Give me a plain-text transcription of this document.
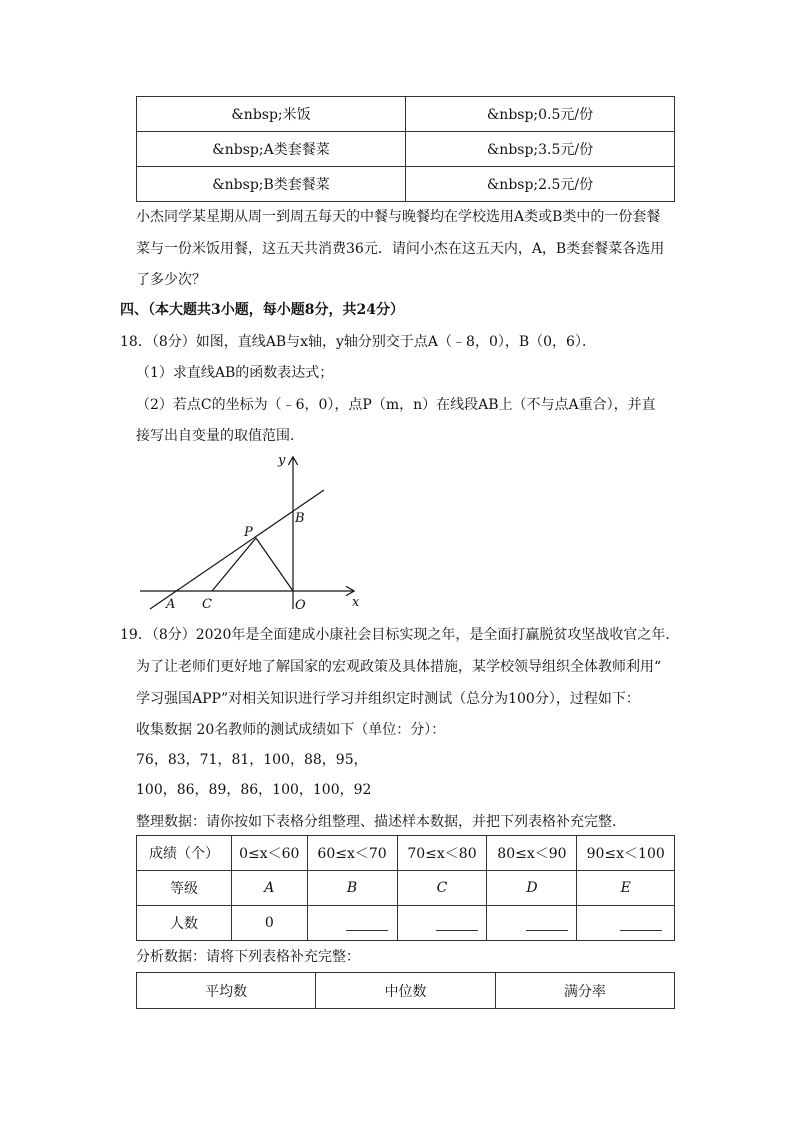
&nbsp;米饭	&nbsp;0.5元/份
&nbsp;A类套餐菜	&nbsp;3.5元/份
&nbsp;B类套餐菜	&nbsp;2.5元/份
小杰同学某星期从周一到周五每天的中餐与晚餐均在学校选用A类或B类中的一份套餐
菜与一份米饭用餐，这五天共消费36元．请问小杰在这五天内，A，B类套餐菜各选用
了多少次？
四、（本大题共3小题，每小题8分，共24分）
18．（8分）如图，直线AB与x轴，y轴分别交于点A（﹣8，0），B（0，6）．
（1）求直线AB的函数表达式；
（2）若点C的坐标为（﹣6，0），点P（m，n）在线段AB上（不与点A重合），并直
接写出自变量的取值范围．
y
x
B
P
A C	O
19．（8分）2020年是全面建成小康社会目标实现之年，是全面打赢脱贫攻坚战收官之年．
为了让老师们更好地了解国家的宏观政策及具体措施，某学校领导组织全体教师利用“
学习强国APP”对相关知识进行学习并组织定时测试（总分为100分），过程如下：
收集数据 20名教师的测试成绩如下（单位：分）：
76，83，71，81，100，88，95，
100，86，89，86，100，100，92
整理数据：请你按如下表格分组整理、描述样本数据，并把下列表格补充完整．
成绩（个）	0≤x＜60	60≤x＜70	70≤x＜80	80≤x＜90	90≤x＜100
等级	A	B	C	D	E
人数	0				
分析数据：请将下列表格补充完整：
平均数	中位数	满分率
